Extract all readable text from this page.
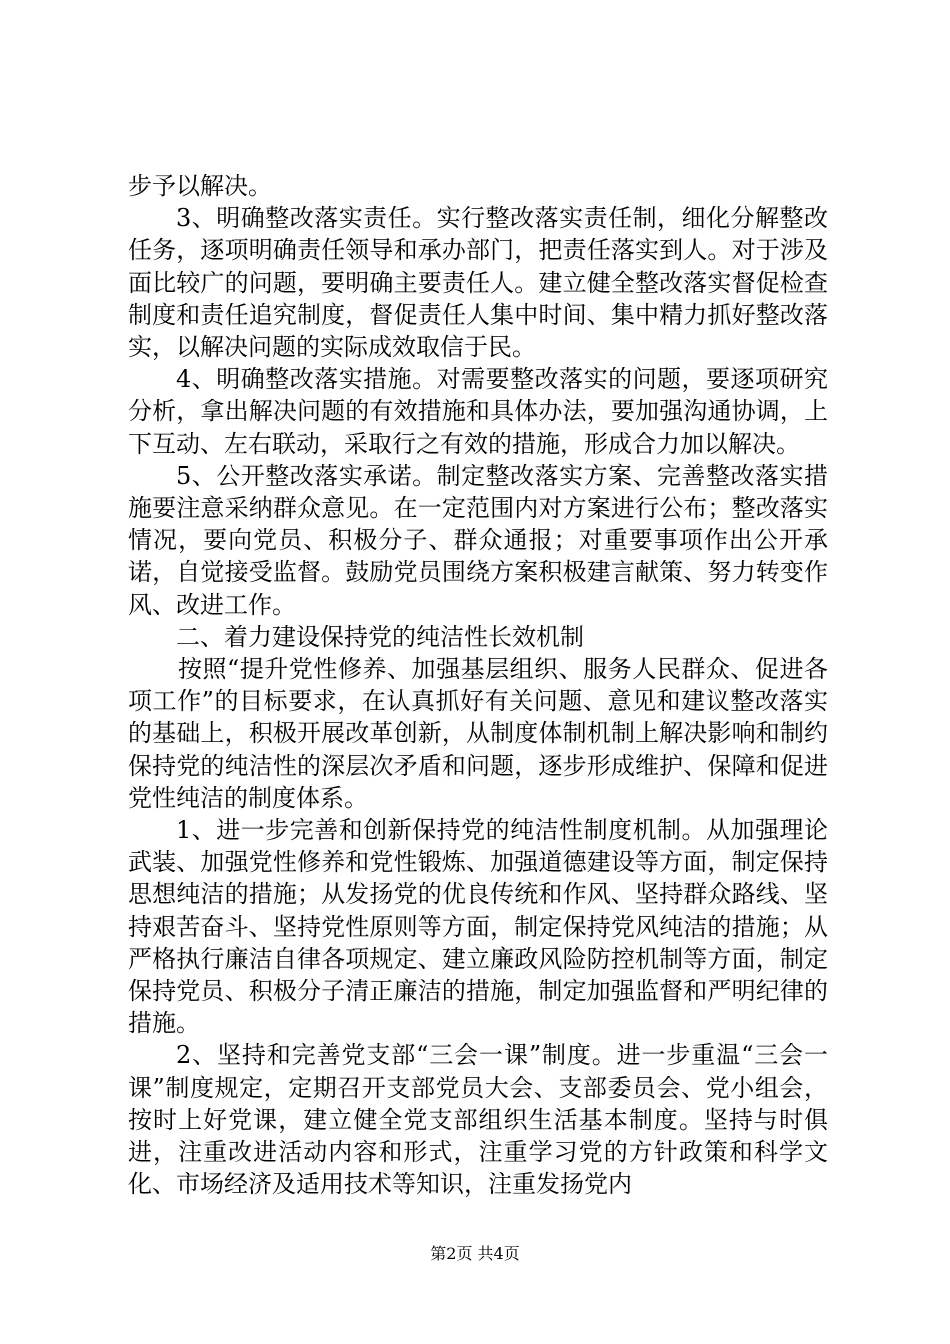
步予以解决。

3、明确整改落实责任。实行整改落实责任制，细化分解整改任务，逐项明确责任领导和承办部门，把责任落实到人。对于涉及面比较广的问题，要明确主要责任人。建立健全整改落实督促检查制度和责任追究制度，督促责任人集中时间、集中精力抓好整改落实，以解决问题的实际成效取信于民。

4、明确整改落实措施。对需要整改落实的问题，要逐项研究分析，拿出解决问题的有效措施和具体办法，要加强沟通协调，上下互动、左右联动，采取行之有效的措施，形成合力加以解决。

5、公开整改落实承诺。制定整改落实方案、完善整改落实措施要注意采纳群众意见。在一定范围内对方案进行公布；整改落实情况，要向党员、积极分子、群众通报；对重要事项作出公开承诺，自觉接受监督。鼓励党员围绕方案积极建言献策、努力转变作风、改进工作。

二、着力建设保持党的纯洁性长效机制

按照“提升党性修养、加强基层组织、服务人民群众、促进各项工作”的目标要求，在认真抓好有关问题、意见和建议整改落实的基础上，积极开展改革创新，从制度体制机制上解决影响和制约保持党的纯洁性的深层次矛盾和问题，逐步形成维护、保障和促进党性纯洁的制度体系。

1、进一步完善和创新保持党的纯洁性制度机制。从加强理论武装、加强党性修养和党性锻炼、加强道德建设等方面，制定保持思想纯洁的措施；从发扬党的优良传统和作风、坚持群众路线、坚持艰苦奋斗、坚持党性原则等方面，制定保持党风纯洁的措施；从严格执行廉洁自律各项规定、建立廉政风险防控机制等方面，制定保持党员、积极分子清正廉洁的措施，制定加强监督和严明纪律的措施。

2、坚持和完善党支部“三会一课”制度。进一步重温“三会一课”制度规定，定期召开支部党员大会、支部委员会、党小组会，按时上好党课，建立健全党支部组织生活基本制度。坚持与时俱进，注重改进活动内容和形式，注重学习党的方针政策和科学文化、市场经济及适用技术等知识，注重发扬党内

第2页 共4页
